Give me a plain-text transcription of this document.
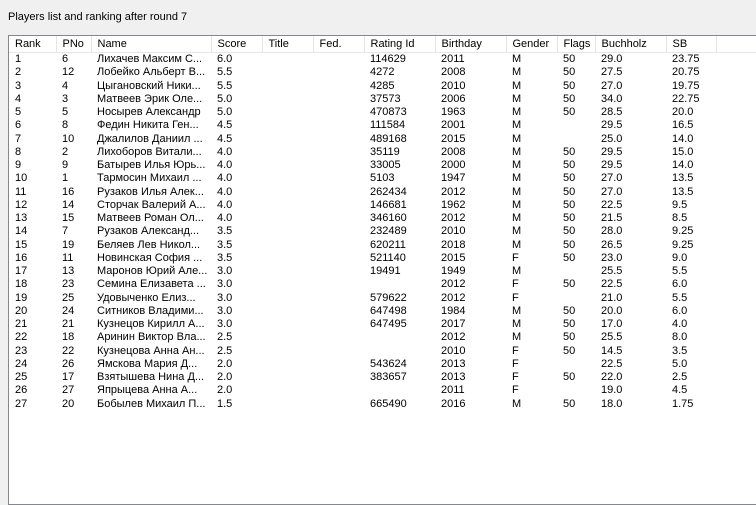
Players list and ranking after round 7
Rank	PNo	Name	Score	Title	Fed.	Rating Id	Birthday	Gender	Flags	Buchholz	SB	
1	6	Лихачев Максим С...	6.0			114629	2011	M	50	29.0	23.75	
2	12	Лобейко Альберт В...	5.5			4272	2008	M	50	27.5	20.75	
3	4	Цыгановский Ники...	5.5			4285	2010	M	50	27.0	19.75	
4	3	Матвеев Эрик Оле...	5.0			37573	2006	M	50	34.0	22.75	
5	5	Носырев Александр	5.0			470873	1963	M	50	28.5	20.0	
6	8	Федин Никита Ген...	4.5			111584	2001	M		29.5	16.5	
7	10	Джалилов Даниил ...	4.5			489168	2015	M		25.0	14.0	
8	2	Лихоборов Витали...	4.0			35119	2008	M	50	29.5	15.0	
9	9	Батырев Илья Юрь...	4.0			33005	2000	M	50	29.5	14.0	
10	1	Тармосин Михаил ...	4.0			5103	1947	M	50	27.0	13.5	
11	16	Рузаков Илья Алек...	4.0			262434	2012	M	50	27.0	13.5	
12	14	Сторчак Валерий А...	4.0			146681	1962	M	50	22.5	9.5	
13	15	Матвеев Роман Ол...	4.0			346160	2012	M	50	21.5	8.5	
14	7	Рузаков Александ...	3.5			232489	2010	M	50	28.0	9.25	
15	19	Беляев Лев Никол...	3.5			620211	2018	M	50	26.5	9.25	
16	11	Новинская София ...	3.5			521140	2015	F	50	23.0	9.0	
17	13	Маронов Юрий Але...	3.0			19491	1949	M		25.5	5.5	
18	23	Семина Елизавета ...	3.0				2012	F	50	22.5	6.0	
19	25	Удовыченко Елиз...	3.0			579622	2012	F		21.0	5.5	
20	24	Ситников Владими...	3.0			647498	1984	M	50	20.0	6.0	
21	21	Кузнецов Кирилл А...	3.0			647495	2017	M	50	17.0	4.0	
22	18	Аринин Виктор Вла...	2.5				2012	M	50	25.5	8.0	
23	22	Кузнецова Анна Ан...	2.5				2010	F	50	14.5	3.5	
24	26	Ямскова Мария Д...	2.0			543624	2013	F		22.5	5.0	
25	17	Взятышева Нина Д...	2.0			383657	2013	F	50	22.0	2.5	
26	27	Япрыцева Анна А...	2.0				2011	F		19.0	4.5	
27	20	Бобылев Михаил П...	1.5			665490	2016	M	50	18.0	1.75	
